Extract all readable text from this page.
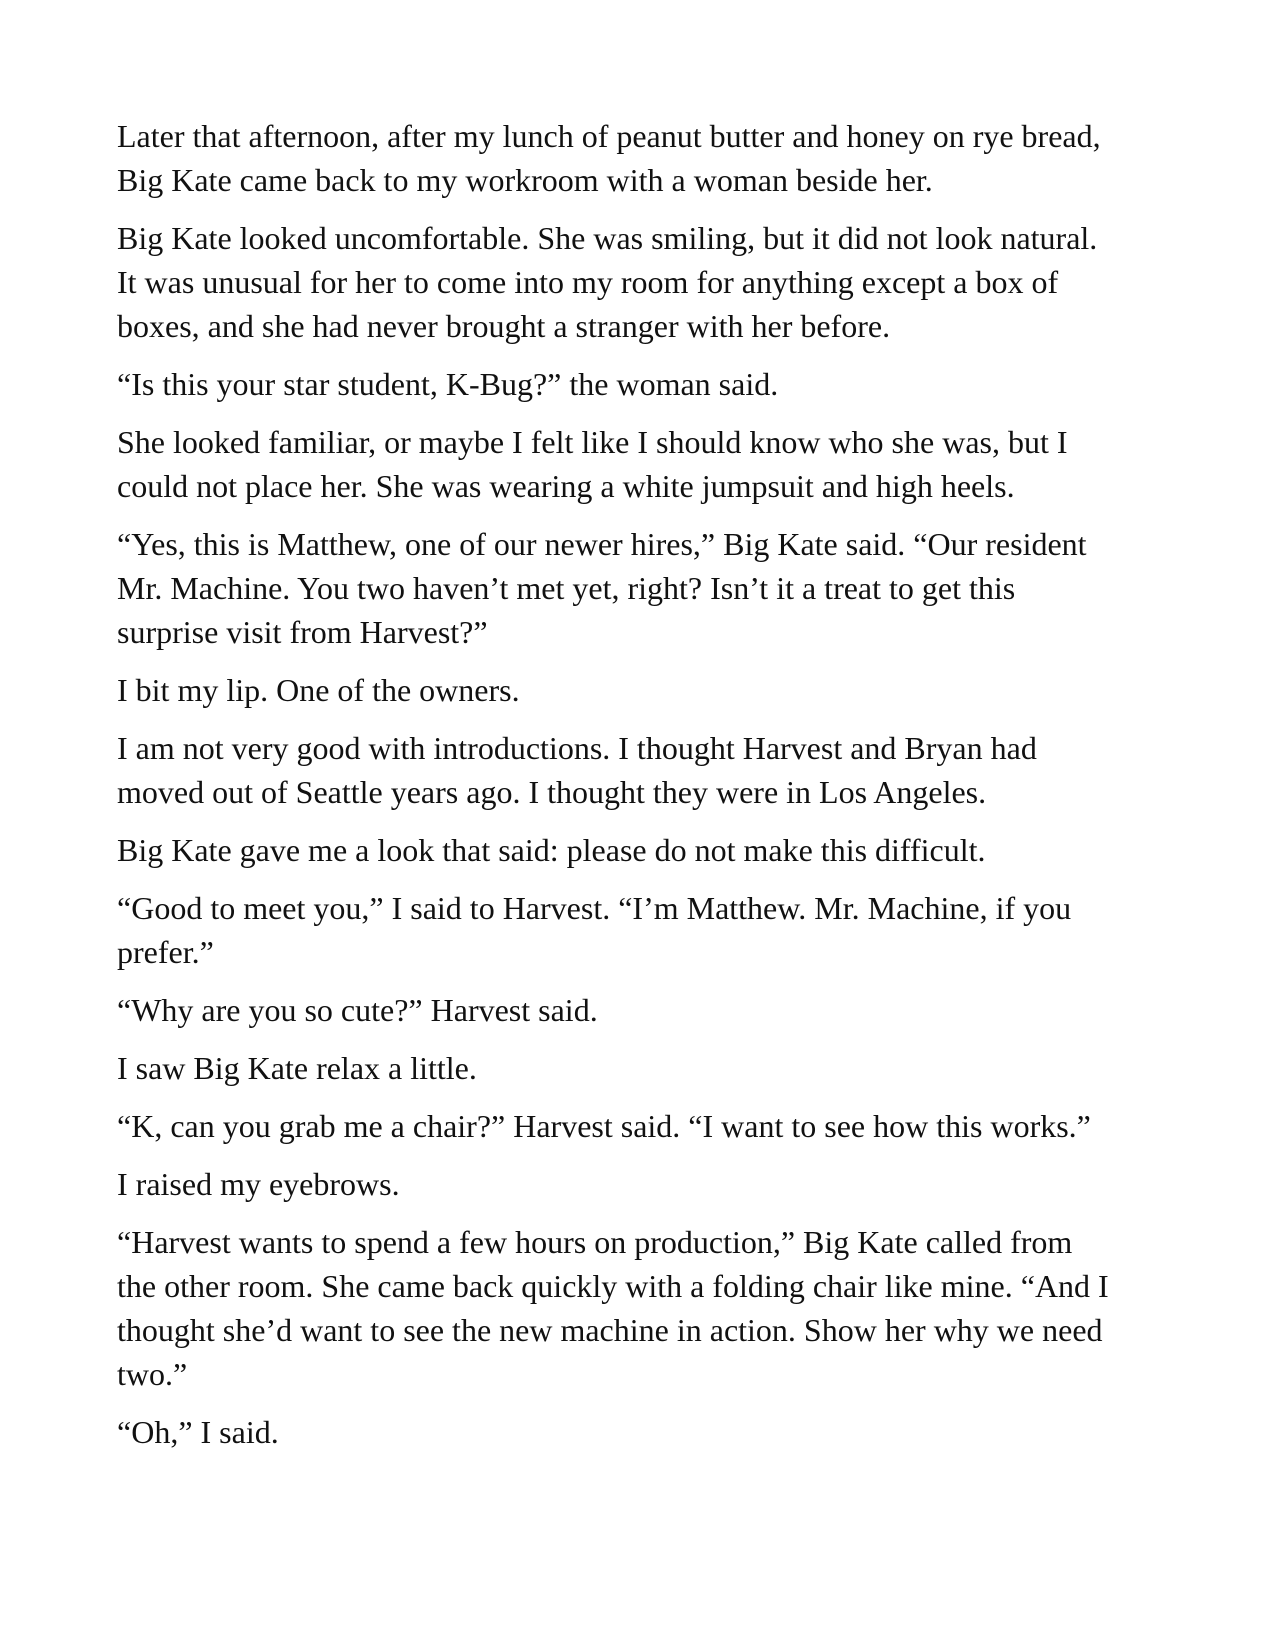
Later that afternoon, after my lunch of peanut butter and honey on rye bread,
Big Kate came back to my workroom with a woman beside her.

Big Kate looked uncomfortable. She was smiling, but it did not look natural.
It was unusual for her to come into my room for anything except a box of
boxes, and she had never brought a stranger with her before.

“Is this your star student, K-Bug?” the woman said.

She looked familiar, or maybe I felt like I should know who she was, but I
could not place her. She was wearing a white jumpsuit and high heels.

“Yes, this is Matthew, one of our newer hires,” Big Kate said. “Our resident
Mr. Machine. You two haven’t met yet, right? Isn’t it a treat to get this
surprise visit from Harvest?”

I bit my lip. One of the owners.

I am not very good with introductions. I thought Harvest and Bryan had
moved out of Seattle years ago. I thought they were in Los Angeles.

Big Kate gave me a look that said: please do not make this difficult.

“Good to meet you,” I said to Harvest. “I’m Matthew. Mr. Machine, if you
prefer.”

“Why are you so cute?” Harvest said.

I saw Big Kate relax a little.

“K, can you grab me a chair?” Harvest said. “I want to see how this works.”

I raised my eyebrows.

“Harvest wants to spend a few hours on production,” Big Kate called from
the other room. She came back quickly with a folding chair like mine. “And I
thought she’d want to see the new machine in action. Show her why we need
two.”

“Oh,” I said.
